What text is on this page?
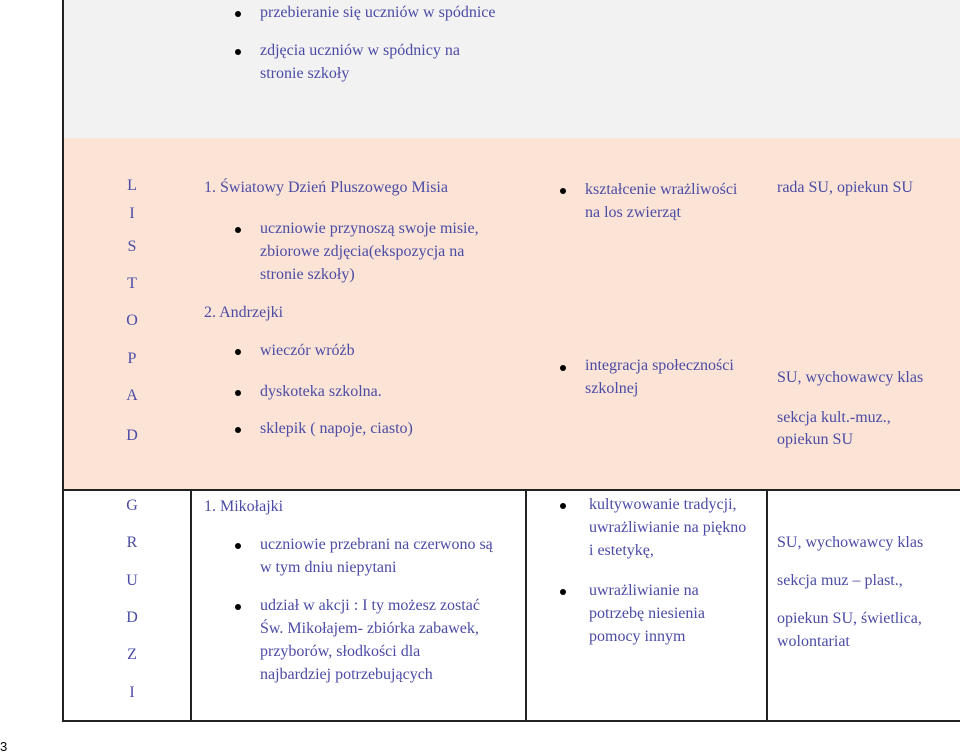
przebieranie się uczniów w spódnice
zdjęcia uczniów w spódnicy na
stronie szkoły
L
I
S
T
O
P
A
D
1. Światowy Dzień Pluszowego Misia
uczniowie przynoszą swoje misie,
zbiorowe zdjęcia(ekspozycja na
stronie szkoły)
2. Andrzejki
wieczór wróżb
dyskoteka szkolna.
sklepik ( napoje, ciasto)
kształcenie wrażliwości
na los zwierząt
integracja społeczności
szkolnej
rada SU, opiekun SU
SU, wychowawcy klas
sekcja kult.-muz.,
opiekun SU
G
R
U
D
Z
I
1. Mikołajki
uczniowie przebrani na czerwono są
w tym dniu niepytani
udział w akcji : I ty możesz zostać
Św. Mikołajem- zbiórka zabawek,
przyborów, słodkości dla
najbardziej potrzebujących
kultywowanie tradycji,
uwrażliwianie na piękno
i estetykę,
uwrażliwianie na
potrzebę niesienia
pomocy innym
SU, wychowawcy klas
sekcja muz – plast.,
opiekun SU, świetlica,
wolontariat
3
